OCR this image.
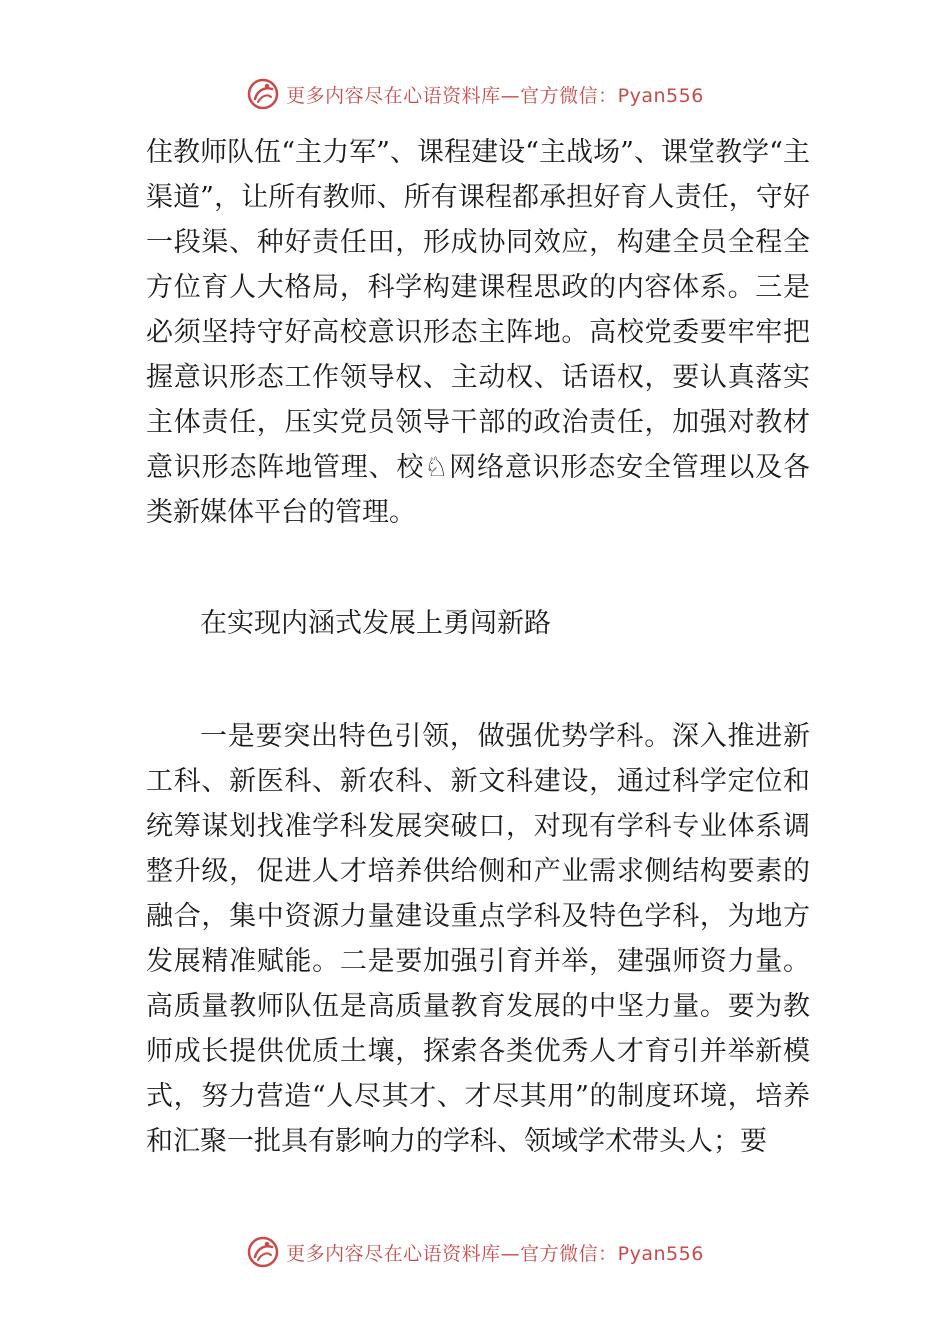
更多内容尽在心语资料库—官方微信：Pyan556

住教师队伍“主力军”、课程建设“主战场”、课堂教学“主渠道”，让所有教师、所有课程都承担好育人责任，守好一段渠、种好责任田，形成协同效应，构建全员全程全方位育人大格局，科学构建课程思政的内容体系。三是必须坚持守好高校意识形态主阵地。高校党委要牢牢把握意识形态工作领导权、主动权、话语权，要认真落实主体责任，压实党员领导干部的政治责任，加强对教材意识形态阵地管理、校♘网络意识形态安全管理以及各类新媒体平台的管理。

在实现内涵式发展上勇闯新路

一是要突出特色引领，做强优势学科。深入推进新工科、新医科、新农科、新文科建设，通过科学定位和统筹谋划找准学科发展突破口，对现有学科专业体系调整升级，促进人才培养供给侧和产业需求侧结构要素的融合，集中资源力量建设重点学科及特色学科，为地方发展精准赋能。二是要加强引育并举，建强师资力量。高质量教师队伍是高质量教育发展的中坚力量。要为教师成长提供优质土壤，探索各类优秀人才育引并举新模式，努力营造“人尽其才、才尽其用”的制度环境，培养和汇聚一批具有影响力的学科、领域学术带头人；要

更多内容尽在心语资料库—官方微信：Pyan556
